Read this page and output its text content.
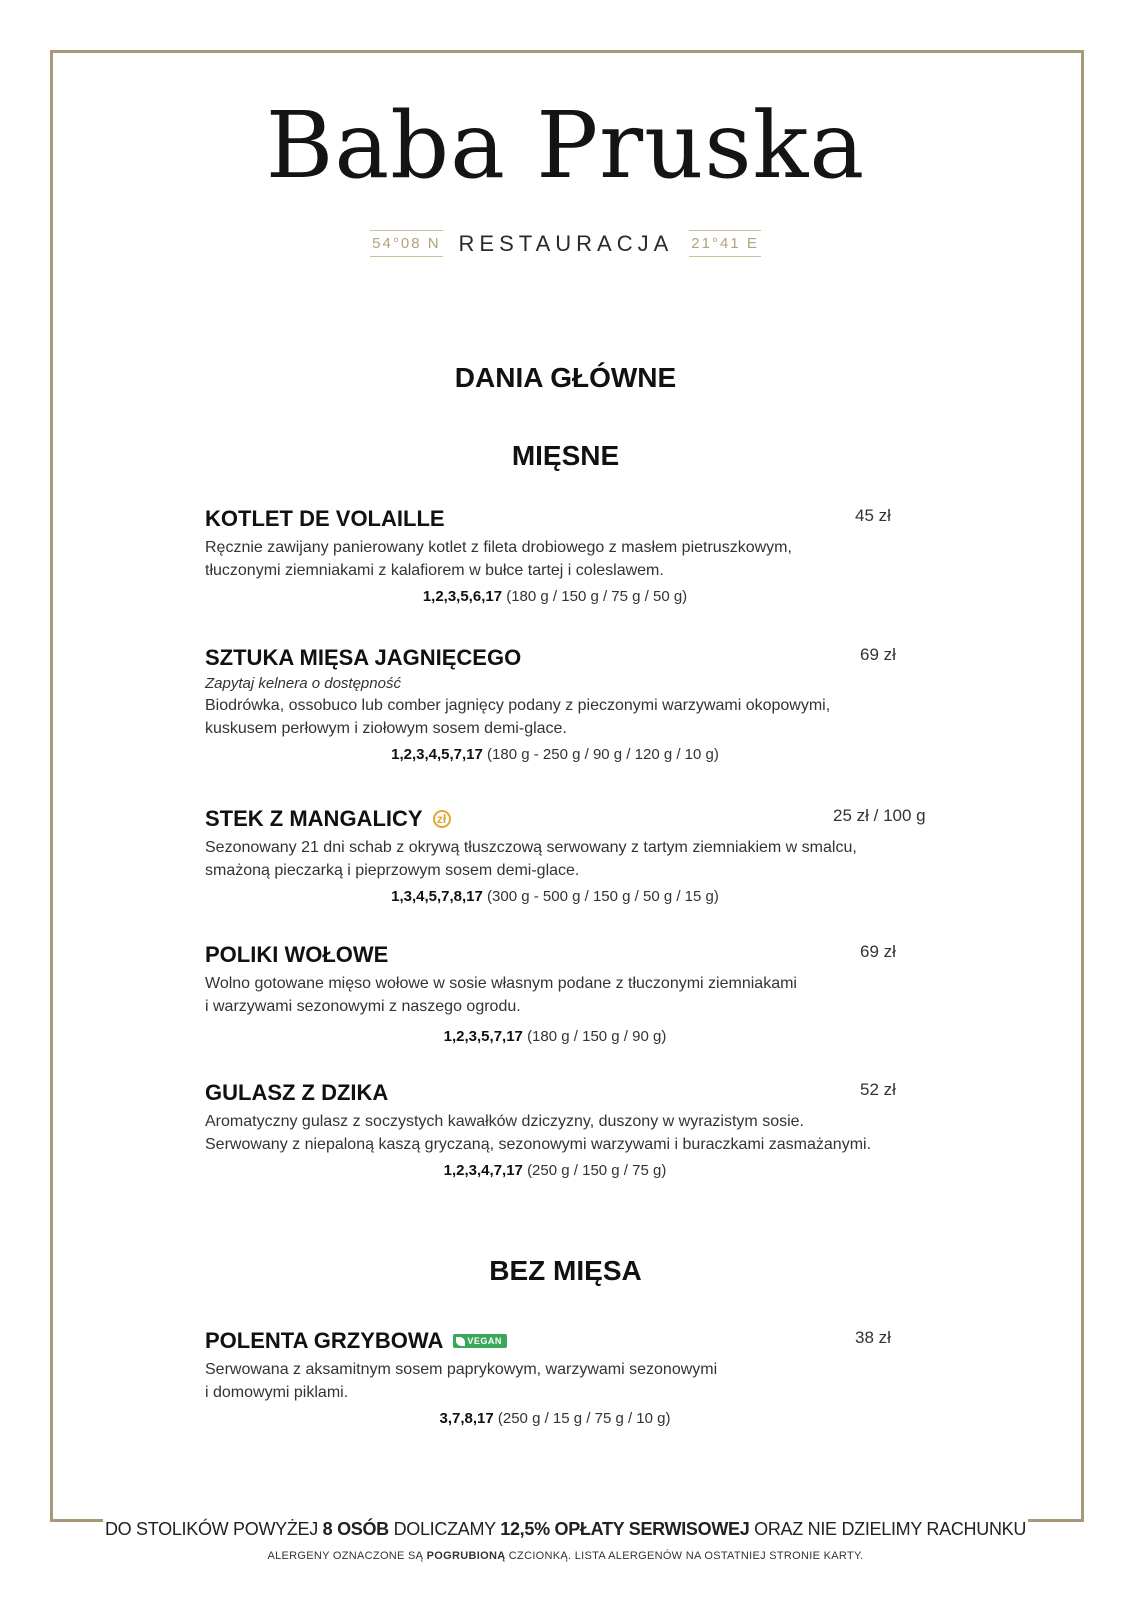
Baba Pruska
54°08 N RESTAURACJA 21°41 E
DANIA GŁÓWNE
MIĘSNE
KOTLET DE VOLAILLE	45 zł
Ręcznie zawijany panierowany kotlet z fileta drobiowego z masłem pietruszkowym,
tłuczonymi ziemniakami z kalafiorem w bułce tartej i coleslawem.
1,2,3,5,6,17 (180 g / 150 g / 75 g / 50 g)
SZTUKA MIĘSA JAGNIĘCEGO	69 zł
Zapytaj kelnera o dostępność
Biodrówka, ossobuco lub comber jagnięcy podany z pieczonymi warzywami okopowymi,
kuskusem perłowym i ziołowym sosem demi-glace.
1,2,3,4,5,7,17 (180 g - 250 g / 90 g / 120 g / 10 g)
STEK Z MANGALICY	zł	25 zł / 100 g
Sezonowany 21 dni schab z okrywą tłuszczową serwowany z tartym ziemniakiem w smalcu,
smażoną pieczarką i pieprzowym sosem demi-glace.
1,3,4,5,7,8,17 (300 g - 500 g / 150 g / 50 g / 15 g)
POLIKI WOŁOWE	69 zł
Wolno gotowane mięso wołowe w sosie własnym podane z tłuczonymi ziemniakami
i warzywami sezonowymi z naszego ogrodu.
1,2,3,5,7,17 (180 g / 150 g / 90 g)
GULASZ Z DZIKA	52 zł
Aromatyczny gulasz z soczystych kawałków dziczyzny, duszony w wyrazistym sosie.
Serwowany z niepaloną kaszą gryczaną, sezonowymi warzywami i buraczkami zasmażanymi.
1,2,3,4,7,17 (250 g / 150 g / 75 g)
BEZ MIĘSA
POLENTA GRZYBOWA	VEGAN	38 zł
Serwowana z aksamitnym sosem paprykowym, warzywami sezonowymi
i domowymi piklami.
3,7,8,17 (250 g / 15 g / 75 g / 10 g)
DO STOLIKÓW POWYŻEJ 8 OSÓB DOLICZAMY 12,5% OPŁATY SERWISOWEJ ORAZ NIE DZIELIMY RACHUNKU
ALERGENY OZNACZONE SĄ POGRUBIONĄ CZCIONKĄ. LISTA ALERGENÓW NA OSTATNIEJ STRONIE KARTY.
